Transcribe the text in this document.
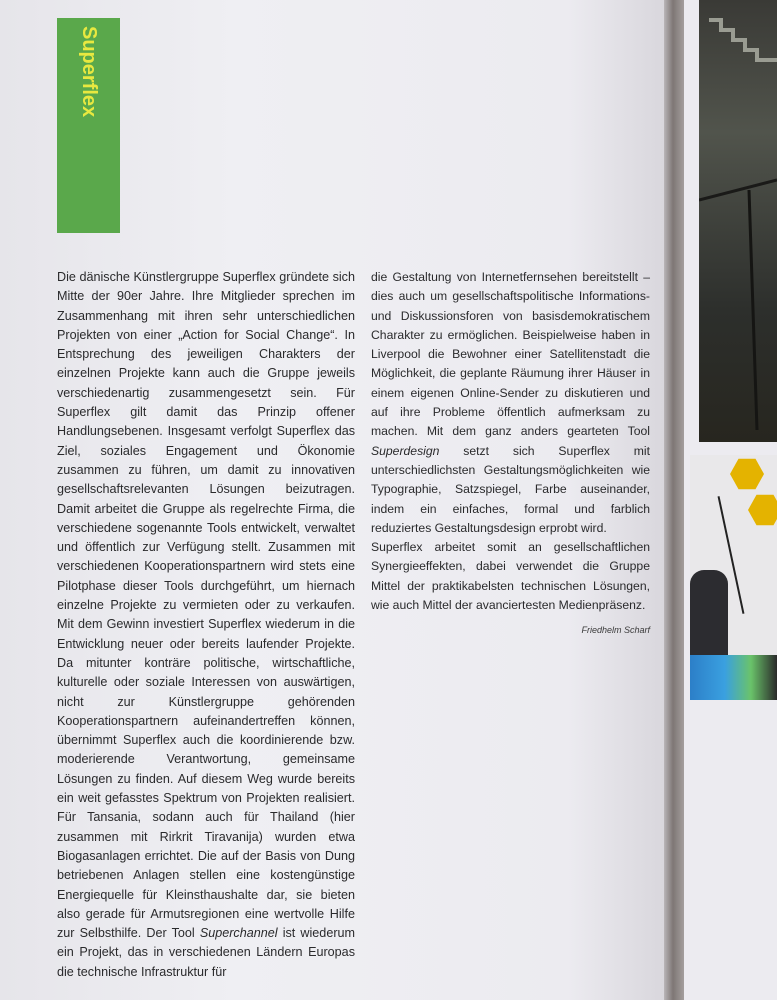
Superflex

Die dänische Künstlergruppe Superflex gründete sich Mitte der 90er Jahre. Ihre Mitglieder sprechen im Zusammenhang mit ihren sehr unterschiedlichen Projekten von einer „Action for Social Change“. In Entsprechung des jeweiligen Charakters der einzelnen Projekte kann auch die Gruppe jeweils verschiedenartig zusammengesetzt sein. Für Superflex gilt damit das Prinzip offener Handlungsebenen. Insgesamt verfolgt Superflex das Ziel, soziales Engagement und Ökonomie zusammen zu führen, um damit zu innovativen gesellschaftsrelevanten Lösungen beizutragen. Damit arbeitet die Gruppe als regelrechte Firma, die verschiedene sogenannte Tools entwickelt, verwaltet und öffentlich zur Verfügung stellt. Zusammen mit verschiedenen Kooperationspartnern wird stets eine Pilotphase dieser Tools durchgeführt, um hiernach einzelne Projekte zu vermieten oder zu verkaufen. Mit dem Gewinn investiert Superflex wiederum in die Entwicklung neuer oder bereits laufender Projekte. Da mitunter konträre politische, wirtschaftliche, kulturelle oder soziale Interessen von auswärtigen, nicht zur Künstlergruppe gehörenden Kooperationspartnern aufeinandertreffen können, übernimmt Superflex auch die koordinierende bzw. moderierende Verantwortung, gemeinsame Lösungen zu finden. Auf diesem Weg wurde bereits ein weit gefasstes Spektrum von Projekten realisiert. Für Tansania, sodann auch für Thailand (hier zusammen mit Rirkrit Tiravanija) wurden etwa Biogasanlagen errichtet. Die auf der Basis von Dung betriebenen Anlagen stellen eine kostengünstige Energiequelle für Kleinsthaushalte dar, sie bieten also gerade für Armutsregionen eine wertvolle Hilfe zur Selbsthilfe. Der Tool Superchannel ist wiederum ein Projekt, das in verschiedenen Ländern Europas die technische Infrastruktur für

die Gestaltung von Internetfernsehen bereitstellt – dies auch um gesellschaftspolitische Informations- und Diskussionsforen von basisdemokratischem Charakter zu ermöglichen. Beispielweise haben in Liverpool die Bewohner einer Satellitenstadt die Möglichkeit, die geplante Räumung ihrer Häuser in einem eigenen Online-Sender zu diskutieren und auf ihre Probleme öffentlich aufmerksam zu machen. Mit dem ganz anders gearteten Tool Superdesign setzt sich Superflex mit unterschiedlichsten Gestaltungsmöglichkeiten wie Typographie, Satzspiegel, Farbe auseinander, indem ein einfaches, formal und farblich reduziertes Gestaltungsdesign erprobt wird.

Superflex arbeitet somit an gesellschaftlichen Synergieeffekten, dabei verwendet die Gruppe Mittel der praktikabelsten technischen Lösungen, wie auch Mittel der avanciertesten Medienpräsenz.

Friedhelm Scharf
